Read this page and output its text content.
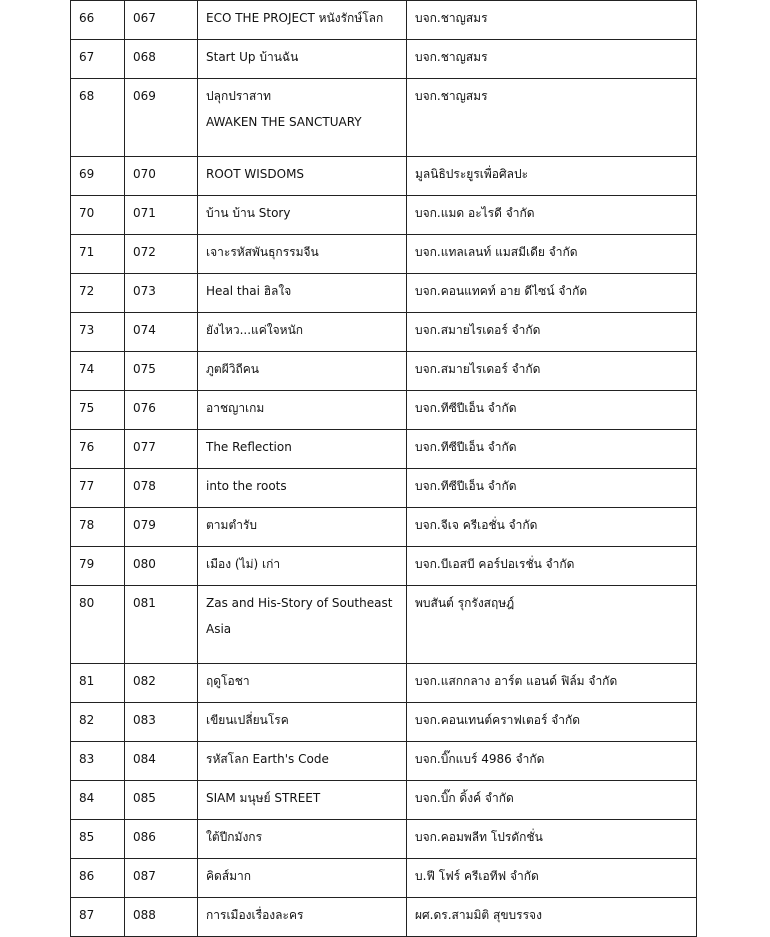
66	067	ECO THE PROJECT หนังรักษ์โลก	บจก.ชาญสมร
67	068	Start Up บ้านฉัน	บจก.ชาญสมร
68	069	ปลุกปราสาท
AWAKEN THE SANCTUARY	บจก.ชาญสมร
69	070	ROOT WISDOMS	มูลนิธิประยูรเพื่อศิลปะ
70	071	บ้าน บ้าน Story	บจก.แมด อะไรดี จำกัด
71	072	เจาะรหัสพันธุกรรมจีน	บจก.แทลเลนท์ แมสมีเดีย จำกัด
72	073	Heal thai ฮิลใจ	บจก.คอนแทคท์ อาย ดีไซน์ จำกัด
73	074	ยังไหว...แค่ใจหนัก	บจก.สมายไรเดอร์ จำกัด
74	075	ภูตผีวิถีคน	บจก.สมายไรเดอร์ จำกัด
75	076	อาชญาเกม	บจก.ทีซีปีเอ็น จำกัด
76	077	The Reflection	บจก.ทีซีปีเอ็น จำกัด
77	078	into the roots	บจก.ทีซีปีเอ็น จำกัด
78	079	ตามตำรับ	บจก.จีเจ ครีเอชั่น จำกัด
79	080	เมือง (ไม่) เก่า	บจก.บีเอสบี คอร์ปอเรชั่น จำกัด
80	081	Zas and His-Story of Southeast
Asia	พบสันต์ รุกรังสฤษฎ์
81	082	ฤดูโอชา	บจก.แสกกลาง อาร์ต แอนด์ ฟิล์ม จำกัด
82	083	เขียนเปลี่ยนโรค	บจก.คอนเทนต์คราฟเตอร์ จำกัด
83	084	รหัสโลก Earth's Code	บจก.บิ๊กแบร์ 4986 จำกัด
84	085	SIAM มนุษย์ STREET	บจก.บิ๊ก ดิ้งค์ จำกัด
85	086	ใต้ปีกมังกร	บจก.คอมพลีท โปรดักชั่น
86	087	คิดส์มาก	บ.ฟี โฟร์ ครีเอทีฟ จำกัด
87	088	การเมืองเรื่องละคร	ผศ.ดร.สามมิติ สุขบรรจง
